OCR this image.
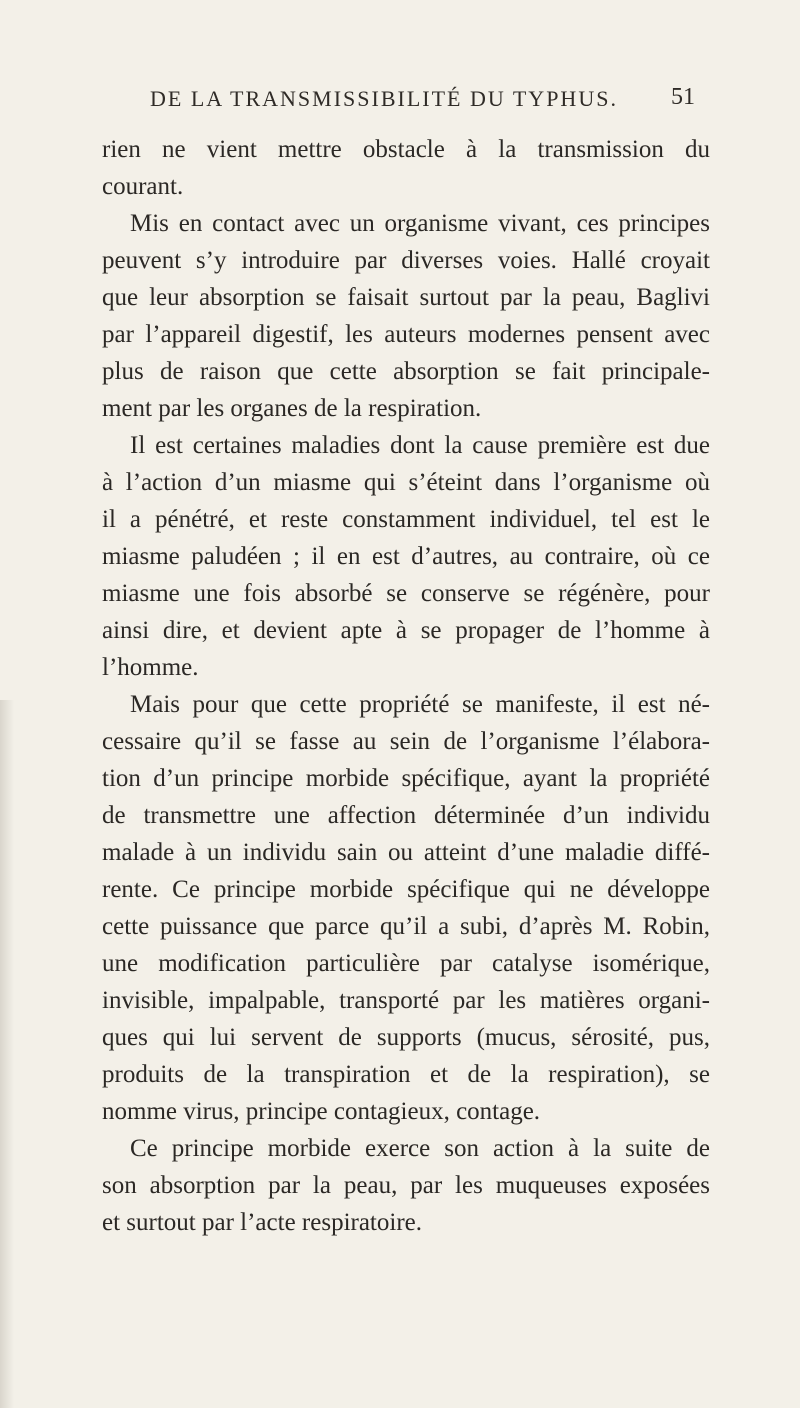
DE LA TRANSMISSIBILITÉ DU TYPHUS. 51

rien ne vient mettre obstacle à la transmission du
courant.

Mis en contact avec un organisme vivant, ces principes
peuvent s’y introduire par diverses voies. Hallé croyait
que leur absorption se faisait surtout par la peau, Baglivi
par l’appareil digestif, les auteurs modernes pensent avec
plus de raison que cette absorption se fait principale-
ment par les organes de la respiration.

Il est certaines maladies dont la cause première est due
à l’action d’un miasme qui s’éteint dans l’organisme où
il a pénétré, et reste constamment individuel, tel est le
miasme paludéen ; il en est d’autres, au contraire, où ce
miasme une fois absorbé se conserve se régénère, pour
ainsi dire, et devient apte à se propager de l’homme à
l’homme.

Mais pour que cette propriété se manifeste, il est né-
cessaire qu’il se fasse au sein de l’organisme l’élabora-
tion d’un principe morbide spécifique, ayant la propriété
de transmettre une affection déterminée d’un individu
malade à un individu sain ou atteint d’une maladie diffé-
rente. Ce principe morbide spécifique qui ne développe
cette puissance que parce qu’il a subi, d’après M. Robin,
une modification particulière par catalyse isomérique,
invisible, impalpable, transporté par les matières organi-
ques qui lui servent de supports (mucus, sérosité, pus,
produits de la transpiration et de la respiration), se
nomme virus, principe contagieux, contage.

Ce principe morbide exerce son action à la suite de
son absorption par la peau, par les muqueuses exposées
et surtout par l’acte respiratoire.
